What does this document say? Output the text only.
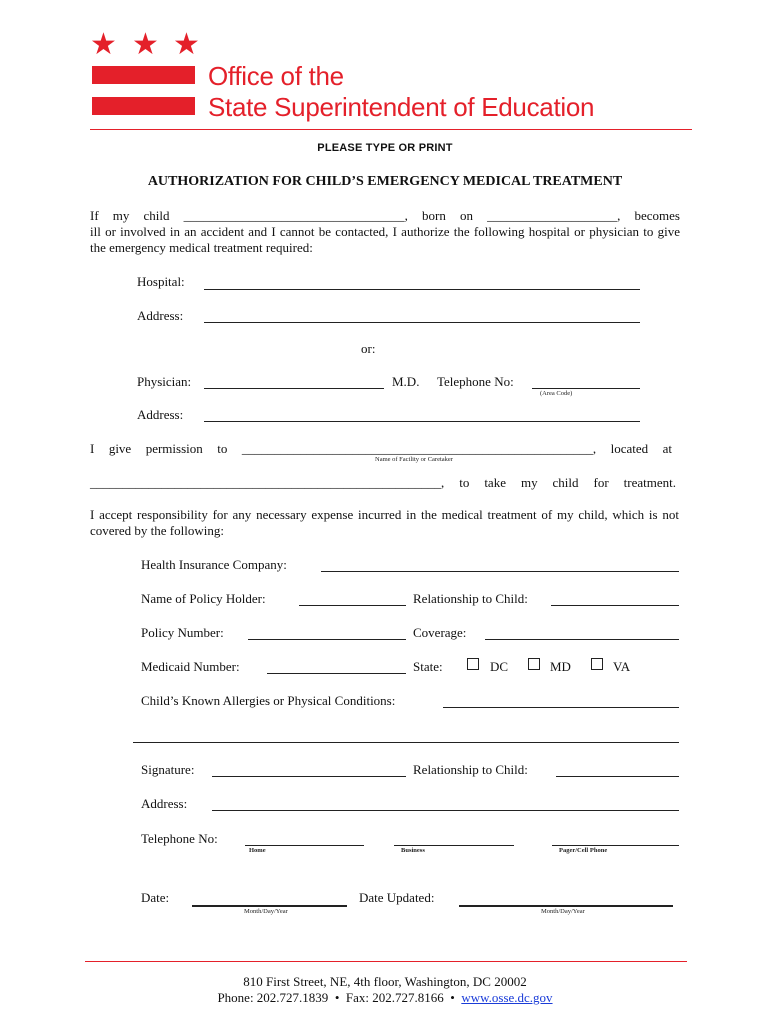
★ ★ ★
Office of the
State Superintendent of Education
PLEASE TYPE OR PRINT
AUTHORIZATION FOR CHILD’S EMERGENCY MEDICAL TREATMENT
If my child __________________________________, born on ____________________, becomes
ill or involved in an accident and I cannot be contacted, I authorize the following hospital or physician to give the emergency medical treatment required:
Hospital:
Address:
or:
Physician:	M.D. Telephone No:
(Area Code)
Address:
I give permission to ______________________________________________________, located at
Name of Facility or Caretaker
______________________________________________________, to take my child for treatment.
I accept responsibility for any necessary expense incurred in the medical treatment of my child, which is not covered by the following:
Health Insurance Company:
Name of Policy Holder:	Relationship to Child:
Policy Number:	Coverage:
Medicaid Number:	State:	DC	MD	VA
Child’s Known Allergies or Physical Conditions:
Signature:	Relationship to Child:
Address:
Telephone No:
Home	Business	Pager/Cell Phone
Date:
Month/Day/Year
Date Updated:
Month/Day/Year
810 First Street, NE, 4th floor, Washington, DC 20002
Phone: 202.727.1839 • Fax: 202.727.8166 • www.osse.dc.gov
